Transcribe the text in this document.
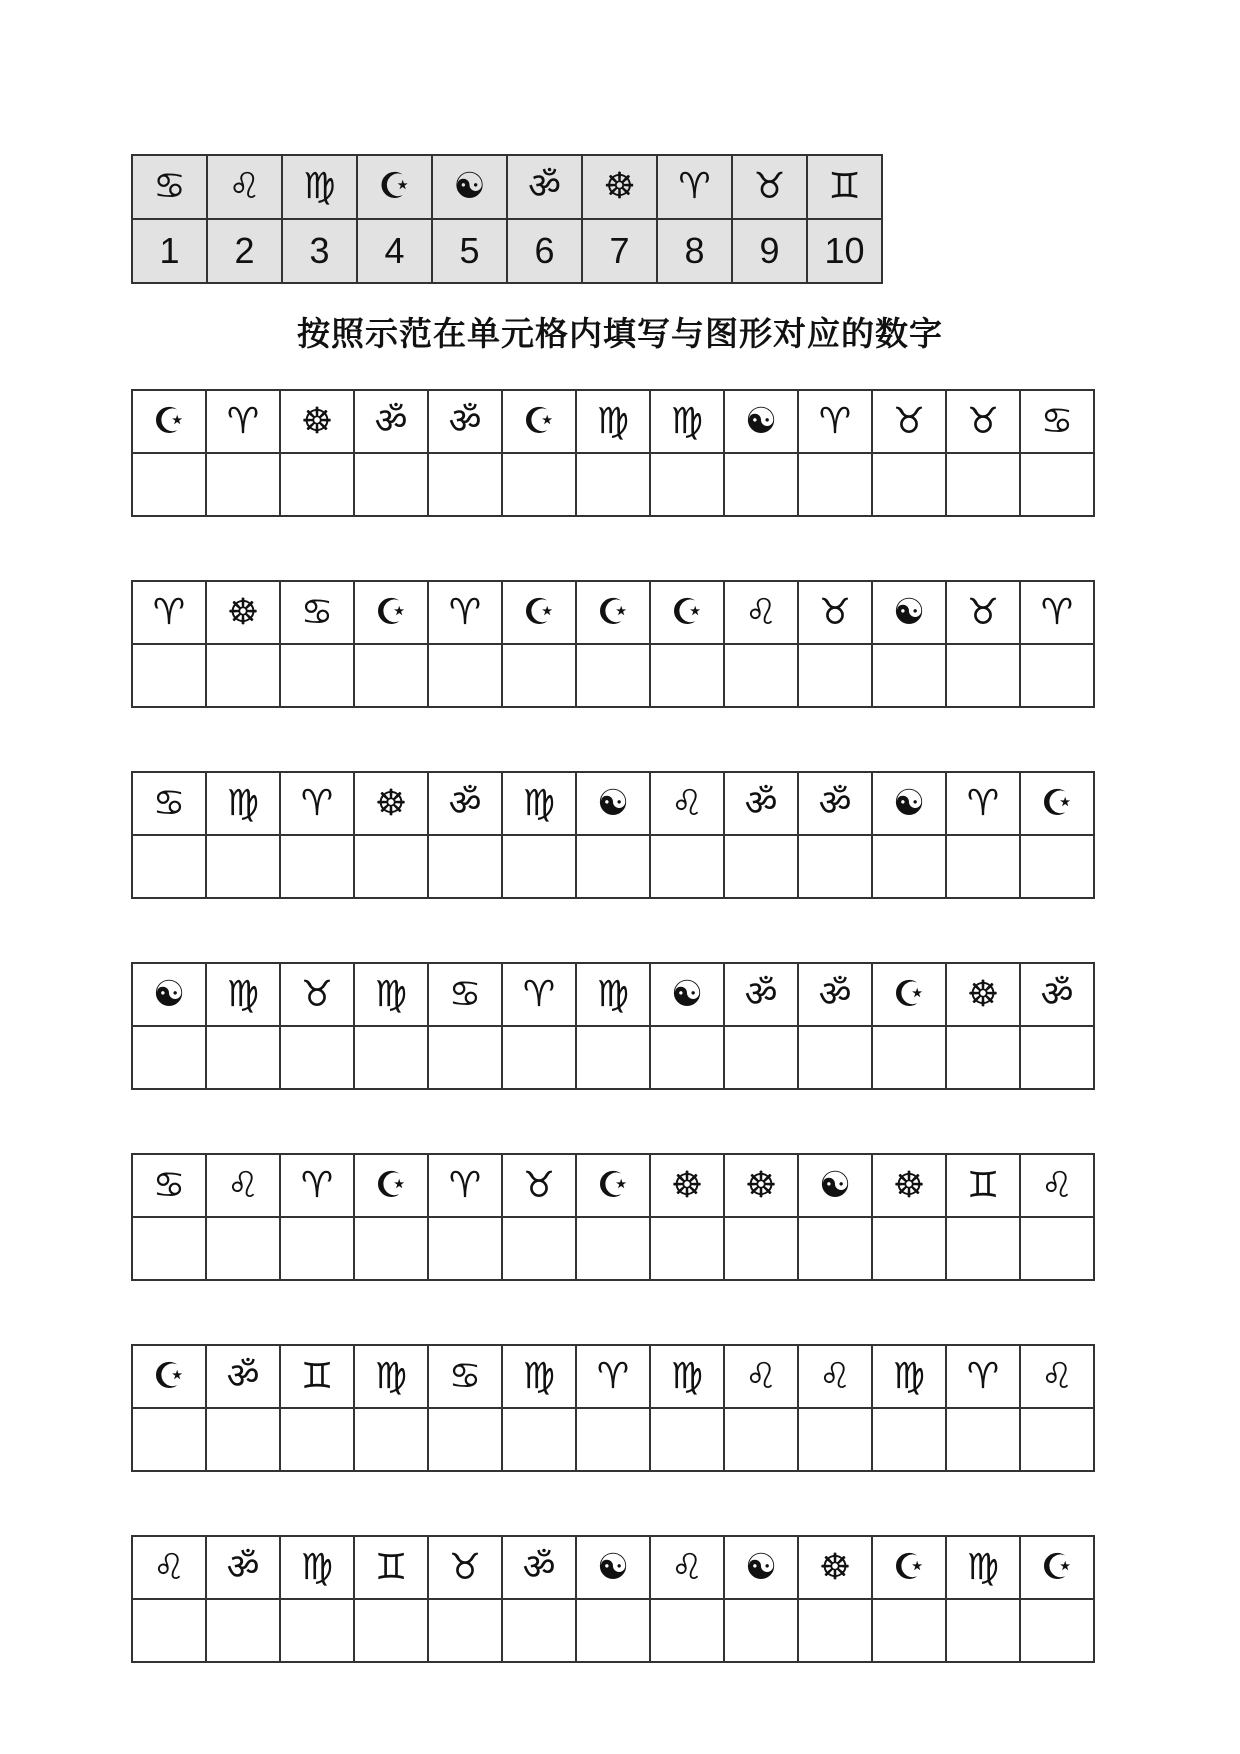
♋	♌	♍	☪	☯	ॐ	☸	♈	♉	♊
1	2	3	4	5	6	7	8	9	10
按照示范在单元格内填写与图形对应的数字
☪	♈	☸	ॐ	ॐ	☪	♍	♍	☯	♈	♉	♉	♋

♈	☸	♋	☪	♈	☪	☪	☪	♌	♉	☯	♉	♈

♋	♍	♈	☸	ॐ	♍	☯	♌	ॐ	ॐ	☯	♈	☪

☯	♍	♉	♍	♋	♈	♍	☯	ॐ	ॐ	☪	☸	ॐ

♋	♌	♈	☪	♈	♉	☪	☸	☸	☯	☸	♊	♌

☪	ॐ	♊	♍	♋	♍	♈	♍	♌	♌	♍	♈	♌

♌	ॐ	♍	♊	♉	ॐ	☯	♌	☯	☸	☪	♍	☪
